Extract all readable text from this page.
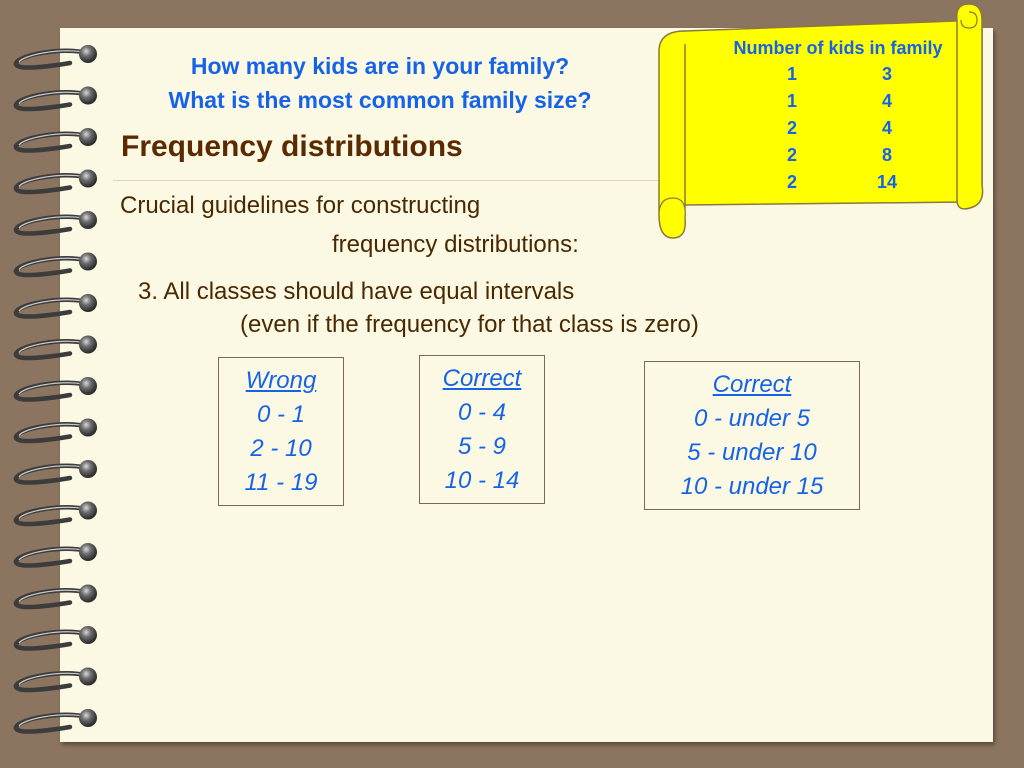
How many kids are in your family?

What is the most common family size?

Frequency distributions

Crucial guidelines for constructing

frequency distributions:

3. All classes should have equal intervals

(even if the frequency for that class is zero)

Wrong
0 - 1
2 - 10
11 - 19
Correct
0 - 4
5 - 9
10 - 14
Correct
0 - under 5
5 - under 10
10 - under 15
Number of kids in family
1	3
1	4
2	4
2	8
2	14
